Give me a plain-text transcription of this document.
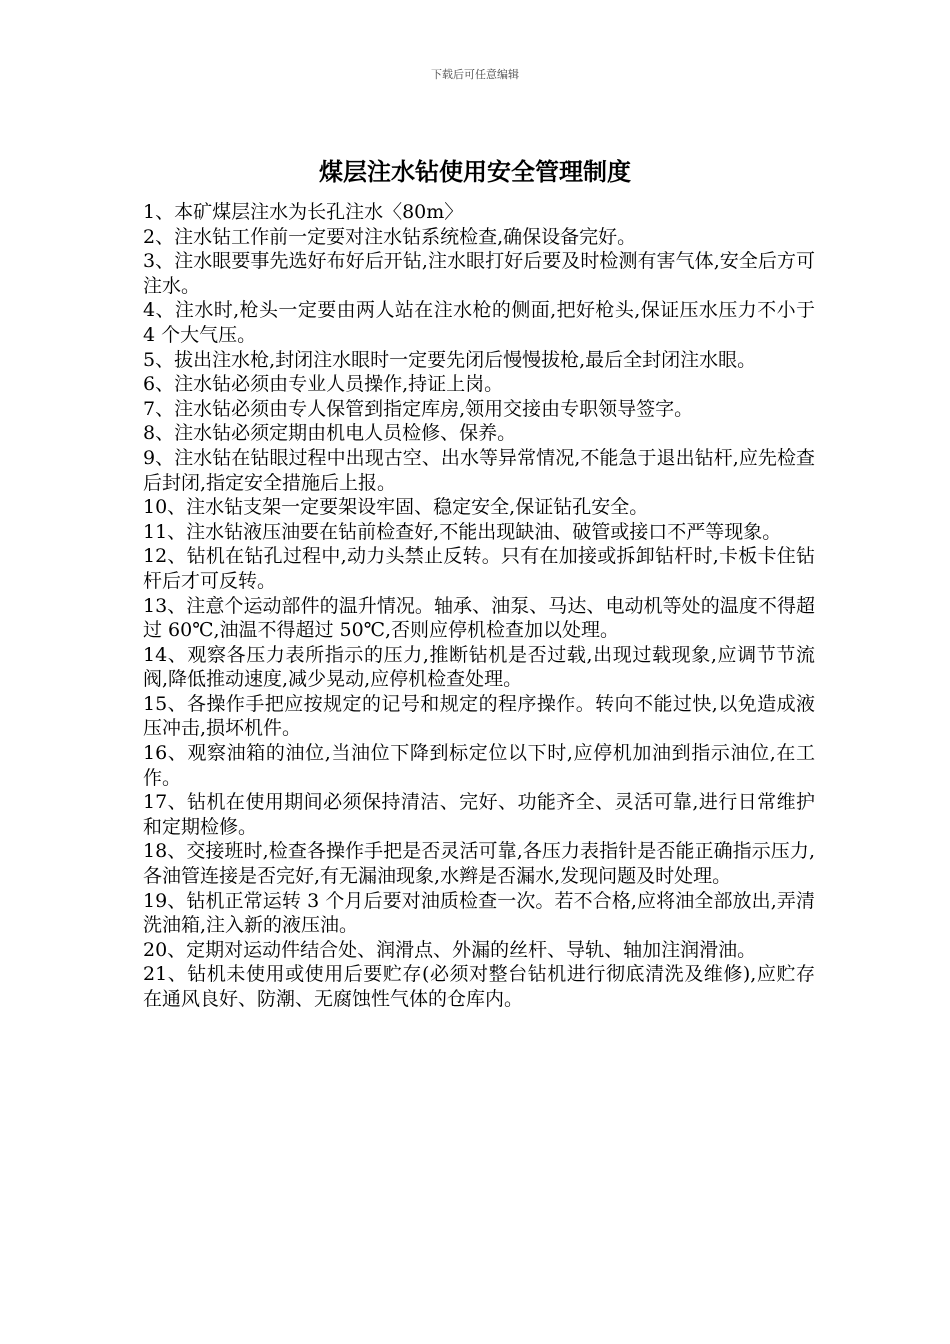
下载后可任意编辑
煤层注水钻使用安全管理制度
1、本矿煤层注水为长孔注水〈80m〉
2、注水钻工作前一定要对注水钻系统检查,确保设备完好。
3、注水眼要事先选好布好后开钻,注水眼打好后要及时检测有害气体,安全后方可注水。
4、注水时,枪头一定要由两人站在注水枪的侧面,把好枪头,保证压水压力不小于 4 个大气压。
5、拔出注水枪,封闭注水眼时一定要先闭后慢慢拔枪,最后全封闭注水眼。
6、注水钻必须由专业人员操作,持证上岗。
7、注水钻必须由专人保管到指定库房,领用交接由专职领导签字。
8、注水钻必须定期由机电人员检修、保养。
9、注水钻在钻眼过程中出现古空、出水等异常情况,不能急于退出钻杆,应先检查后封闭,指定安全措施后上报。
10、注水钻支架一定要架设牢固、稳定安全,保证钻孔安全。
11、注水钻液压油要在钻前检查好,不能出现缺油、破管或接口不严等现象。
12、钻机在钻孔过程中,动力头禁止反转。只有在加接或拆卸钻杆时,卡板卡住钻杆后才可反转。
13、注意个运动部件的温升情况。轴承、油泵、马达、电动机等处的温度不得超过 60℃,油温不得超过 50℃,否则应停机检查加以处理。
14、观察各压力表所指示的压力,推断钻机是否过载,出现过载现象,应调节节流阀,降低推动速度,减少晃动,应停机检查处理。
15、各操作手把应按规定的记号和规定的程序操作。转向不能过快,以免造成液压冲击,损坏机件。
16、观察油箱的油位,当油位下降到标定位以下时,应停机加油到指示油位,在工作。
17、钻机在使用期间必须保持清洁、完好、功能齐全、灵活可靠,进行日常维护和定期检修。
18、交接班时,检查各操作手把是否灵活可靠,各压力表指针是否能正确指示压力,各油管连接是否完好,有无漏油现象,水辫是否漏水,发现问题及时处理。
19、钻机正常运转 3 个月后要对油质检查一次。若不合格,应将油全部放出,弄清洗油箱,注入新的液压油。
20、定期对运动件结合处、润滑点、外漏的丝杆、导轨、轴加注润滑油。
21、钻机未使用或使用后要贮存(必须对整台钻机进行彻底清洗及维修),应贮存在通风良好、防潮、无腐蚀性气体的仓库内。
